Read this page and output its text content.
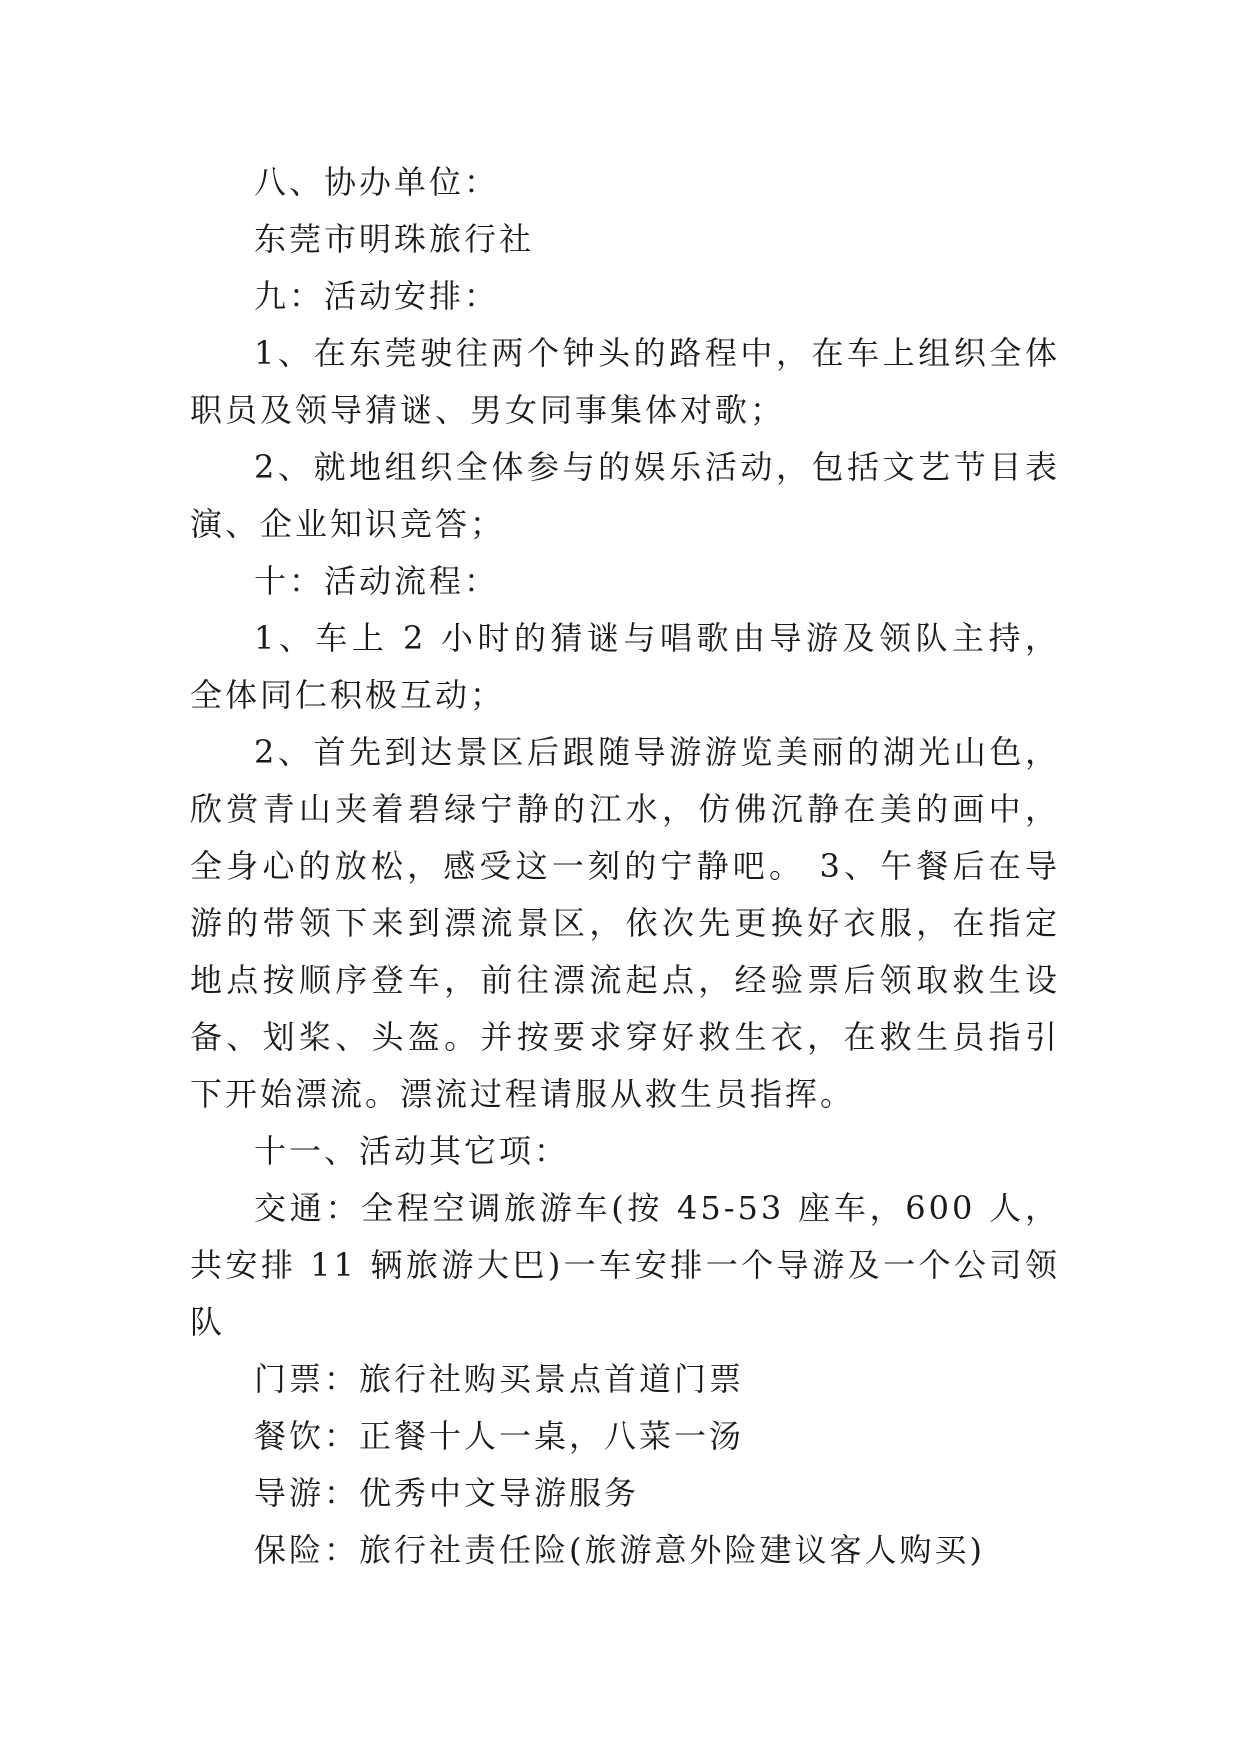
八、协办单位：

东莞市明珠旅行社

九：活动安排：

1、在东莞驶往两个钟头的路程中，在车上组织全体职员及领导猜谜、男女同事集体对歌；

2、就地组织全体参与的娱乐活动，包括文艺节目表演、企业知识竞答；

十：活动流程：

1、车上 2 小时的猜谜与唱歌由导游及领队主持，全体同仁积极互动；

2、首先到达景区后跟随导游游览美丽的湖光山色，欣赏青山夹着碧绿宁静的江水，仿佛沉静在美的画中，全身心的放松，感受这一刻的宁静吧。 3、午餐后在导游的带领下来到漂流景区，依次先更换好衣服，在指定地点按顺序登车，前往漂流起点，经验票后领取救生设备、划桨、头盔。并按要求穿好救生衣，在救生员指引下开始漂流。漂流过程请服从救生员指挥。

十一、活动其它项：

交通：全程空调旅游车(按 45-53 座车，600 人，共安排 11 辆旅游大巴)一车安排一个导游及一个公司领队

门票：旅行社购买景点首道门票

餐饮：正餐十人一桌，八菜一汤

导游：优秀中文导游服务

保险：旅行社责任险(旅游意外险建议客人购买)
